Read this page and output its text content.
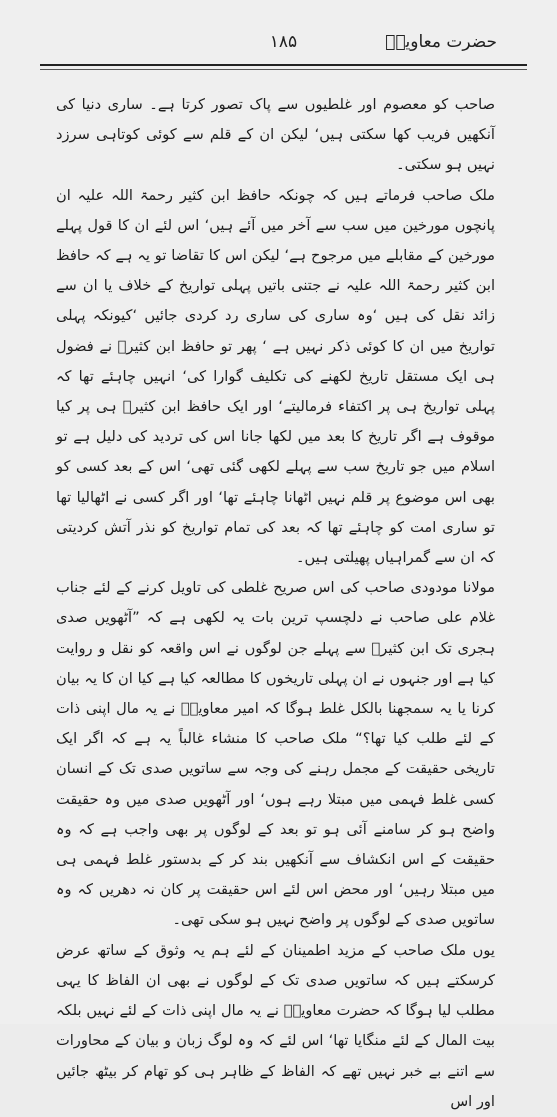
حضرت معاویہؓ
۱۸۵

صاحب کو معصوم اور غلطیوں سے پاک تصور کرتا ہے۔ ساری دنیا کی آنکھیں فریب کھا سکتی ہیں‘ لیکن ان کے قلم سے کوئی کوتاہی سرزد نہیں ہو سکتی۔

ملک صاحب فرماتے ہیں کہ چونکہ حافظ ابن کثیر رحمۃ اللہ علیہ ان پانچوں مورخین میں سب سے آخر میں آئے ہیں‘ اس لئے ان کا قول پہلے مورخین کے مقابلے میں مرجوح ہے‘ لیکن اس کا تقاضا تو یہ ہے کہ حافظ ابن کثیر رحمۃ اللہ علیہ نے جتنی باتیں پہلی تواریخ کے خلاف یا ان سے زائد نقل کی ہیں ‘وہ ساری کی ساری رد کردی جائیں ‘کیونکہ پہلی تواریخ میں ان کا کوئی ذکر نہیں ہے ‘ پھر تو حافظ ابن کثیرؒ نے فضول ہی ایک مستقل تاریخ لکھنے کی تکلیف گوارا کی‘ انہیں چاہئے تھا کہ پہلی تواریخ ہی پر اکتفاء فرمالیتے‘ اور ایک حافظ ابن کثیرؒ ہی پر کیا موقوف ہے اگر تاریخ کا بعد میں لکھا جانا اس کی تردید کی دلیل ہے تو اسلام میں جو تاریخ سب سے پہلے لکھی گئی تھی‘ اس کے بعد کسی کو بھی اس موضوع پر قلم نہیں اٹھانا چاہئے تھا‘ اور اگر کسی نے اٹھالیا تھا تو ساری امت کو چاہئے تھا کہ بعد کی تمام تواریخ کو نذر آتش کردیتی کہ ان سے گمراہیاں پھیلتی ہیں۔

مولانا مودودی صاحب کی اس صریح غلطی کی تاویل کرنے کے لئے جناب غلام علی صاحب نے دلچسپ ترین بات یہ لکھی ہے کہ ”آٹھویں صدی ہجری تک ابن کثیرؒ سے پہلے جن لوگوں نے اس واقعہ کو نقل و روایت کیا ہے اور جنہوں نے ان پہلی تاریخوں کا مطالعہ کیا ہے کیا ان کا یہ بیان کرنا یا یہ سمجھنا بالکل غلط ہوگا کہ امیر معاویہؓ نے یہ مال اپنی ذات کے لئے طلب کیا تھا؟“ ملک صاحب کا منشاء غالباً یہ ہے کہ اگر ایک تاریخی حقیقت کے مجمل رہنے کی وجہ سے ساتویں صدی تک کے انسان کسی غلط فہمی میں مبتلا رہے ہوں‘ اور آٹھویں صدی میں وہ حقیقت واضح ہو کر سامنے آئی ہو تو بعد کے لوگوں پر بھی واجب ہے کہ وہ حقیقت کے اس انکشاف سے آنکھیں بند کر کے بدستور غلط فہمی ہی میں مبتلا رہیں‘ اور محض اس لئے اس حقیقت پر کان نہ دھریں کہ وہ ساتویں صدی کے لوگوں پر واضح نہیں ہو سکی تھی۔

یوں ملک صاحب کے مزید اطمینان کے لئے ہم یہ وثوق کے ساتھ عرض کرسکتے ہیں کہ ساتویں صدی تک کے لوگوں نے بھی ان الفاظ کا یہی مطلب لیا ہوگا کہ حضرت معاویہؓ نے یہ مال اپنی ذات کے لئے نہیں بلکہ بیت المال کے لئے منگایا تھا‘ اس لئے کہ وہ لوگ زبان و بیان کے محاورات سے اتنے بے خبر نہیں تھے کہ الفاظ کے ظاہر ہی کو تھام کر بیٹھ جائیں اور اس
